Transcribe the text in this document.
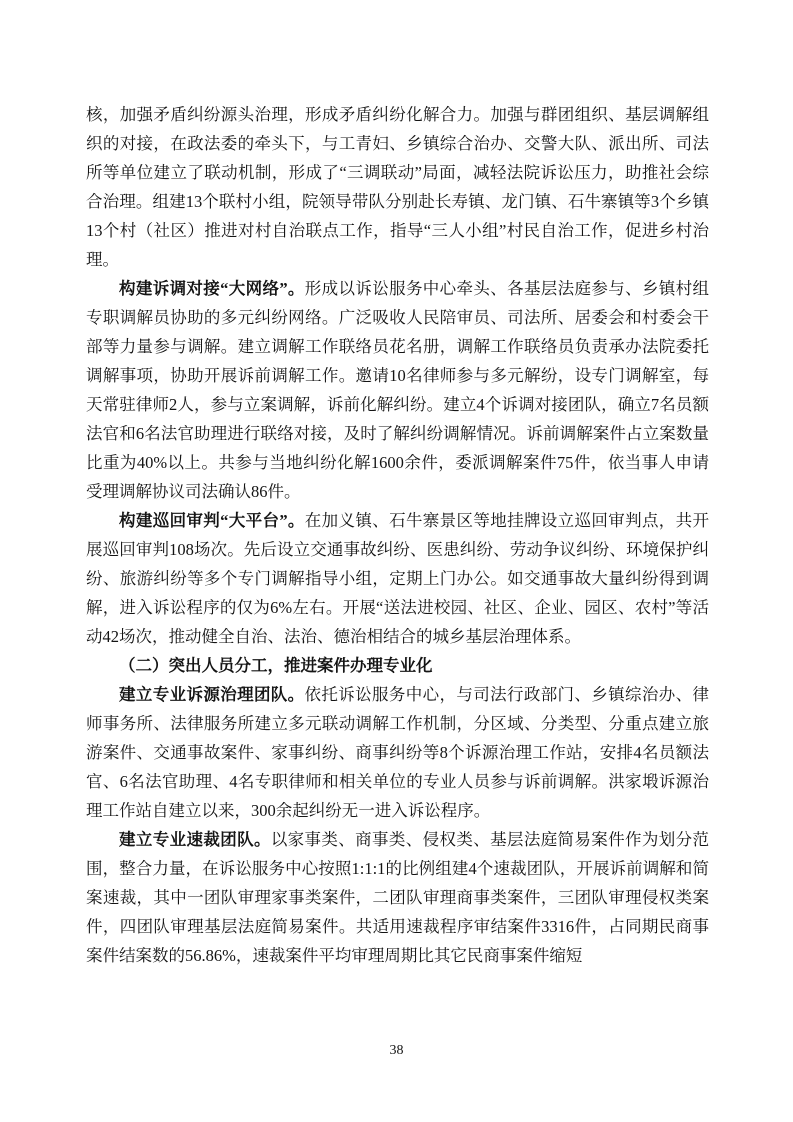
核，加强矛盾纠纷源头治理，形成矛盾纠纷化解合力。加强与群团组织、基层调解组织的对接，在政法委的牵头下，与工青妇、乡镇综合治办、交警大队、派出所、司法所等单位建立了联动机制，形成了“三调联动”局面，减轻法院诉讼压力，助推社会综合治理。组建13个联村小组，院领导带队分别赴长寿镇、龙门镇、石牛寨镇等3个乡镇13个村（社区）推进对村自治联点工作，指导“三人小组”村民自治工作，促进乡村治理。

构建诉调对接“大网络”。形成以诉讼服务中心牵头、各基层法庭参与、乡镇村组专职调解员协助的多元纠纷网络。广泛吸收人民陪审员、司法所、居委会和村委会干部等力量参与调解。建立调解工作联络员花名册，调解工作联络员负责承办法院委托调解事项，协助开展诉前调解工作。邀请10名律师参与多元解纷，设专门调解室，每天常驻律师2人，参与立案调解，诉前化解纠纷。建立4个诉调对接团队，确立7名员额法官和6名法官助理进行联络对接，及时了解纠纷调解情况。诉前调解案件占立案数量比重为40%以上。共参与当地纠纷化解1600余件，委派调解案件75件，依当事人申请受理调解协议司法确认86件。

构建巡回审判“大平台”。在加义镇、石牛寨景区等地挂牌设立巡回审判点，共开展巡回审判108场次。先后设立交通事故纠纷、医患纠纷、劳动争议纠纷、环境保护纠纷、旅游纠纷等多个专门调解指导小组，定期上门办公。如交通事故大量纠纷得到调解，进入诉讼程序的仅为6%左右。开展“送法进校园、社区、企业、园区、农村”等活动42场次，推动健全自治、法治、德治相结合的城乡基层治理体系。

（二）突出人员分工，推进案件办理专业化

建立专业诉源治理团队。依托诉讼服务中心，与司法行政部门、乡镇综治办、律师事务所、法律服务所建立多元联动调解工作机制，分区域、分类型、分重点建立旅游案件、交通事故案件、家事纠纷、商事纠纷等8个诉源治理工作站，安排4名员额法官、6名法官助理、4名专职律师和相关单位的专业人员参与诉前调解。洪家塅诉源治理工作站自建立以来，300余起纠纷无一进入诉讼程序。

建立专业速裁团队。以家事类、商事类、侵权类、基层法庭简易案件作为划分范围，整合力量，在诉讼服务中心按照1:1:1的比例组建4个速裁团队，开展诉前调解和简案速裁，其中一团队审理家事类案件，二团队审理商事类案件，三团队审理侵权类案件，四团队审理基层法庭简易案件。共适用速裁程序审结案件3316件，占同期民商事案件结案数的56.86%，速裁案件平均审理周期比其它民商事案件缩短

38
